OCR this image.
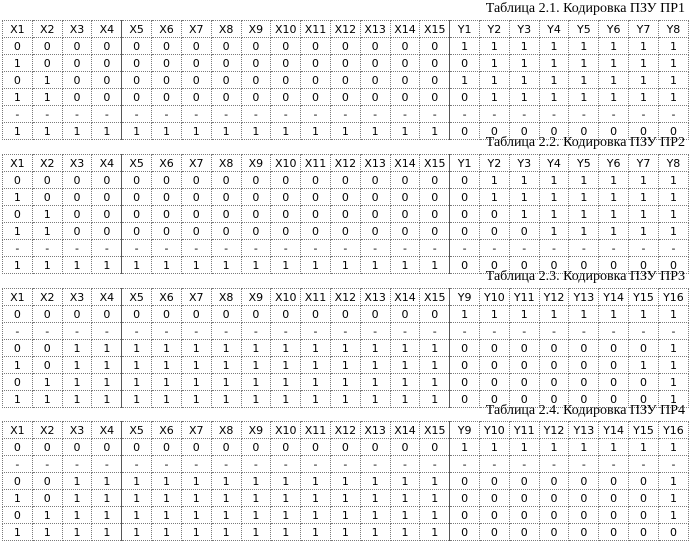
Таблица 2.1. Кодировка ПЗУ ПР1
X1	X2	X3	X4	X5	X6	X7	X8	X9	X10	X11	X12	X13	X14	X15	Y1	Y2	Y3	Y4	Y5	Y6	Y7	Y8
0	0	0	0	0	0	0	0	0	0	0	0	0	0	0	1	1	1	1	1	1	1	1
1	0	0	0	0	0	0	0	0	0	0	0	0	0	0	0	1	1	1	1	1	1	1
0	1	0	0	0	0	0	0	0	0	0	0	0	0	0	1	1	1	1	1	1	1	1
1	1	0	0	0	0	0	0	0	0	0	0	0	0	0	0	1	1	1	1	1	1	1
-	-	-	-	-	-	-	-	-	-	-	-	-	-	-	-	-	-	-	-	-	-	-
1	1	1	1	1	1	1	1	1	1	1	1	1	1	1	0	0	0	0	0	0	0	0
Таблица 2.2. Кодировка ПЗУ ПР2
X1	X2	X3	X4	X5	X6	X7	X8	X9	X10	X11	X12	X13	X14	X15	Y1	Y2	Y3	Y4	Y5	Y6	Y7	Y8
0	0	0	0	0	0	0	0	0	0	0	0	0	0	0	0	1	1	1	1	1	1	1
1	0	0	0	0	0	0	0	0	0	0	0	0	0	0	0	1	1	1	1	1	1	1
0	1	0	0	0	0	0	0	0	0	0	0	0	0	0	0	0	1	1	1	1	1	1
1	1	0	0	0	0	0	0	0	0	0	0	0	0	0	0	0	0	1	1	1	1	1
-	-	-	-	-	-	-	-	-	-	-	-	-	-	-	-	-	-	-	-	-	-	-
1	1	1	1	1	1	1	1	1	1	1	1	1	1	1	0	0	0	0	0	0	0	0
Таблица 2.3. Кодировка ПЗУ ПР3
X1	X2	X3	X4	X5	X6	X7	X8	X9	X10	X11	X12	X13	X14	X15	Y9	Y10	Y11	Y12	Y13	Y14	Y15	Y16
0	0	0	0	0	0	0	0	0	0	0	0	0	0	0	1	1	1	1	1	1	1	1
-	-	-	-	-	-	-	-	-	-	-	-	-	-	-	-	-	-	-	-	-	-	-
0	0	1	1	1	1	1	1	1	1	1	1	1	1	1	0	0	0	0	0	0	0	1
1	0	1	1	1	1	1	1	1	1	1	1	1	1	1	0	0	0	0	0	0	1	1
0	1	1	1	1	1	1	1	1	1	1	1	1	1	1	0	0	0	0	0	0	0	1
1	1	1	1	1	1	1	1	1	1	1	1	1	1	1	0	0	0	0	0	0	0	1
Таблица 2.4. Кодировка ПЗУ ПР4
X1	X2	X3	X4	X5	X6	X7	X8	X9	X10	X11	X12	X13	X14	X15	Y9	Y10	Y11	Y12	Y13	Y14	Y15	Y16
0	0	0	0	0	0	0	0	0	0	0	0	0	0	0	1	1	1	1	1	1	1	1
-	-	-	-	-	-	-	-	-	-	-	-	-	-	-	-	-	-	-	-	-	-	-
0	0	1	1	1	1	1	1	1	1	1	1	1	1	1	0	0	0	0	0	0	0	1
1	0	1	1	1	1	1	1	1	1	1	1	1	1	1	0	0	0	0	0	0	0	1
0	1	1	1	1	1	1	1	1	1	1	1	1	1	1	0	0	0	0	0	0	0	1
1	1	1	1	1	1	1	1	1	1	1	1	1	1	1	0	0	0	0	0	0	0	0
